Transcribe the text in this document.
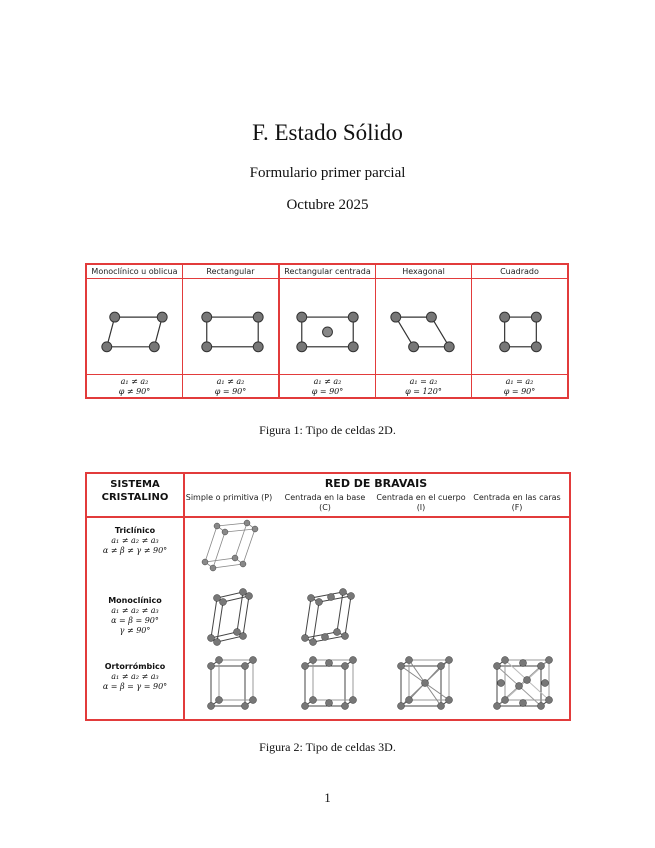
F. Estado Sólido
Formulario primer parcial
Octubre 2025
Monoclínico u oblicua
a₁ ≠ a₂
φ ≠ 90°
Rectangular
a₁ ≠ a₂
φ = 90°
Rectangular centrada
a₁ ≠ a₂
φ = 90°
Hexagonal
a₁ = a₂
φ = 120°
Cuadrado
a₁ = a₂
φ = 90°
Figura 1: Tipo de celdas 2D.
SISTEMA
CRISTALINO
RED DE BRAVAIS
Simple o primitiva (P)	Centrada en la base (C)
Centrada en el cuerpo (I)
Centrada en las caras (F)
Triclínico
a₁ ≠ a₂ ≠ a₃
α ≠ β ≠ γ ≠ 90°
Monoclínico
a₁ ≠ a₂ ≠ a₃
α = β = 90°
γ ≠ 90°
Ortorrómbico
a₁ ≠ a₂ ≠ a₃
α = β = γ = 90°
Figura 2: Tipo de celdas 3D.
1
